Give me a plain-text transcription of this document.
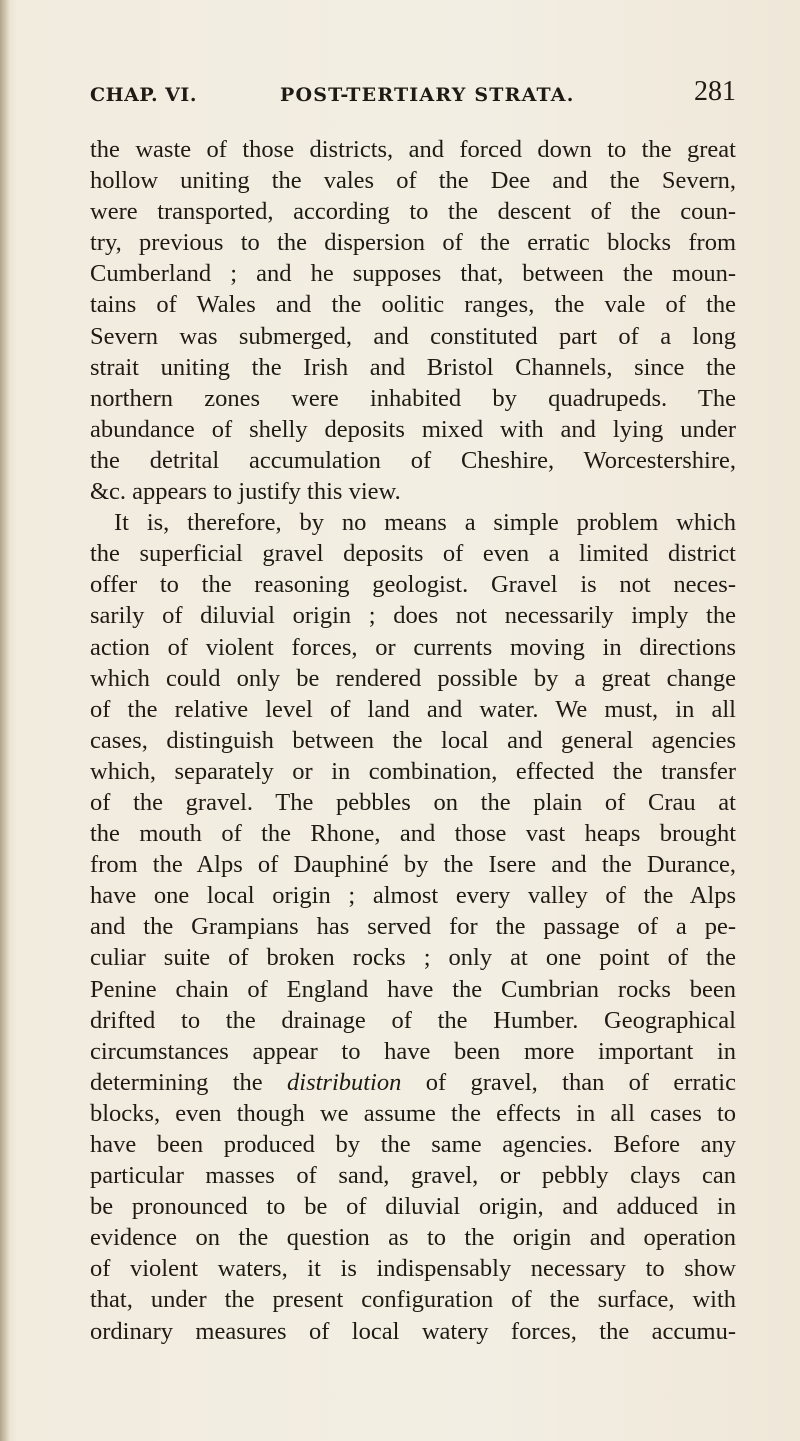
CHAP. VI.	POST-TERTIARY STRATA.	281
the waste of those districts, and forced down to the great
hollow uniting the vales of the Dee and the Severn,
were transported, according to the descent of the coun-
try, previous to the dispersion of the erratic blocks from
Cumberland ; and he supposes that, between the moun-
tains of Wales and the oolitic ranges, the vale of the
Severn was submerged, and constituted part of a long
strait uniting the Irish and Bristol Channels, since the
northern zones were inhabited by quadrupeds. The
abundance of shelly deposits mixed with and lying under
the detrital accumulation of Cheshire, Worcestershire,
&c. appears to justify this view.
It is, therefore, by no means a simple problem which
the superficial gravel deposits of even a limited district
offer to the reasoning geologist. Gravel is not neces-
sarily of diluvial origin ; does not necessarily imply the
action of violent forces, or currents moving in directions
which could only be rendered possible by a great change
of the relative level of land and water. We must, in all
cases, distinguish between the local and general agencies
which, separately or in combination, effected the transfer
of the gravel. The pebbles on the plain of Crau at
the mouth of the Rhone, and those vast heaps brought
from the Alps of Dauphiné by the Isere and the Durance,
have one local origin ; almost every valley of the Alps
and the Grampians has served for the passage of a pe-
culiar suite of broken rocks ; only at one point of the
Penine chain of England have the Cumbrian rocks been
drifted to the drainage of the Humber. Geographical
circumstances appear to have been more important in
determining the distribution of gravel, than of erratic
blocks, even though we assume the effects in all cases to
have been produced by the same agencies. Before any
particular masses of sand, gravel, or pebbly clays can
be pronounced to be of diluvial origin, and adduced in
evidence on the question as to the origin and operation
of violent waters, it is indispensably necessary to show
that, under the present configuration of the surface, with
ordinary measures of local watery forces, the accumu-
